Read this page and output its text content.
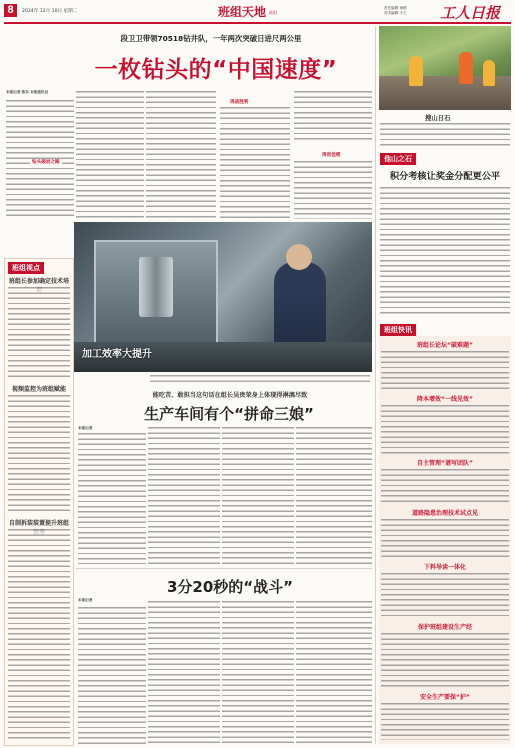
8	2024年 12月 10日 星期二	班组天地 班组
责任编辑 徐路
美术编辑 小王 工人日报
段卫卫带领70518钻井队，一年两次突破日进尺两公里
一枚钻头的“中国速度”
本报记者 陈东 本报通讯员
钻头破岩之路
再战胜利
再创佳绩
加工效率大提升
班组视点
班组长参加确定技术培
视频监控为班组赋能
自制拆装装置提升班组
能吃苦、敢担当这句话在组长吴贵荣身上体现得淋漓尽致
生产车间有个“拼命三娘”
本报记者
3分20秒的“战斗”
本报记者
搜山日石
他山之石
积分考核让奖金分配更公平
班组快讯
班组长论坛“破难题”
降本增效“一线见效”
自主管理”谱写团队”
道路隐患治理技术试点见
下料导读一体化
保护班组建设生产经
安全生产要保“护”
